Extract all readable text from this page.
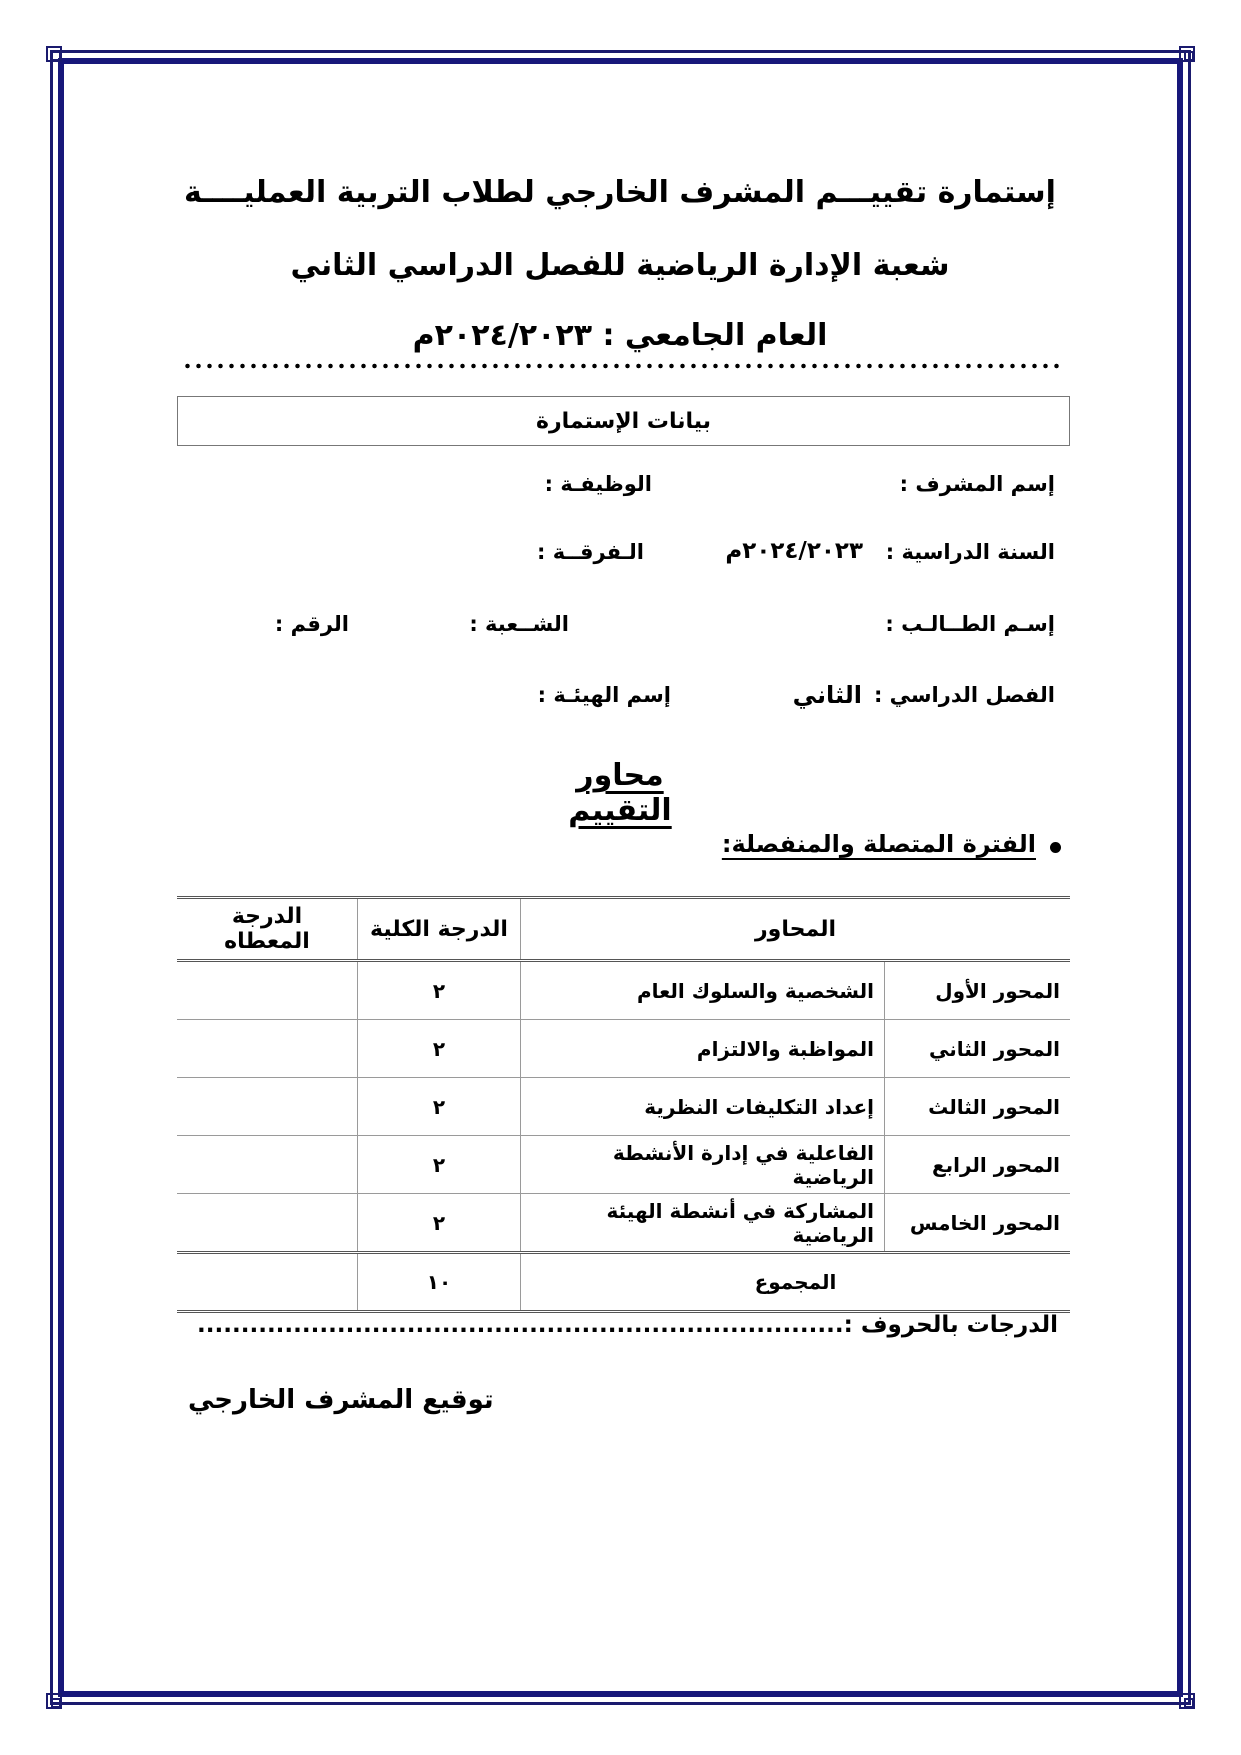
إستمارة تقييـــم المشرف الخارجي لطلاب التربية العمليــــة
شعبة الإدارة الرياضية للفصل الدراسي الثاني
العام الجامعي : ٢٠٢٤/٢٠٢٣م
بيانات الإستمارة
إسم المشرف :
الوظيفـة :
السنة الدراسية :
٢٠٢٤/٢٠٢٣م
الـفرقــة :
إسـم الطــالـب :
الشــعبة :
الرقم :
الفصل الدراسي :
الثاني
إسم الهيئـة :
محاور التقييم
الفترة المتصلة والمنفصلة:
المحاور		الدرجة الكلية	الدرجة المعطاه
المحور الأول	الشخصية والسلوك العام	٢	
المحور الثاني	المواظبة والالتزام	٢	
المحور الثالث	إعداد التكليفات النظرية	٢	
المحور الرابع	الفاعلية في إدارة الأنشطة الرياضية	٢	
المحور الخامس	المشاركة في أنشطة الهيئة الرياضية	٢	
المجموع		١٠	
الدرجات بالحروف :..........................................................................
توقيع المشرف الخارجي
